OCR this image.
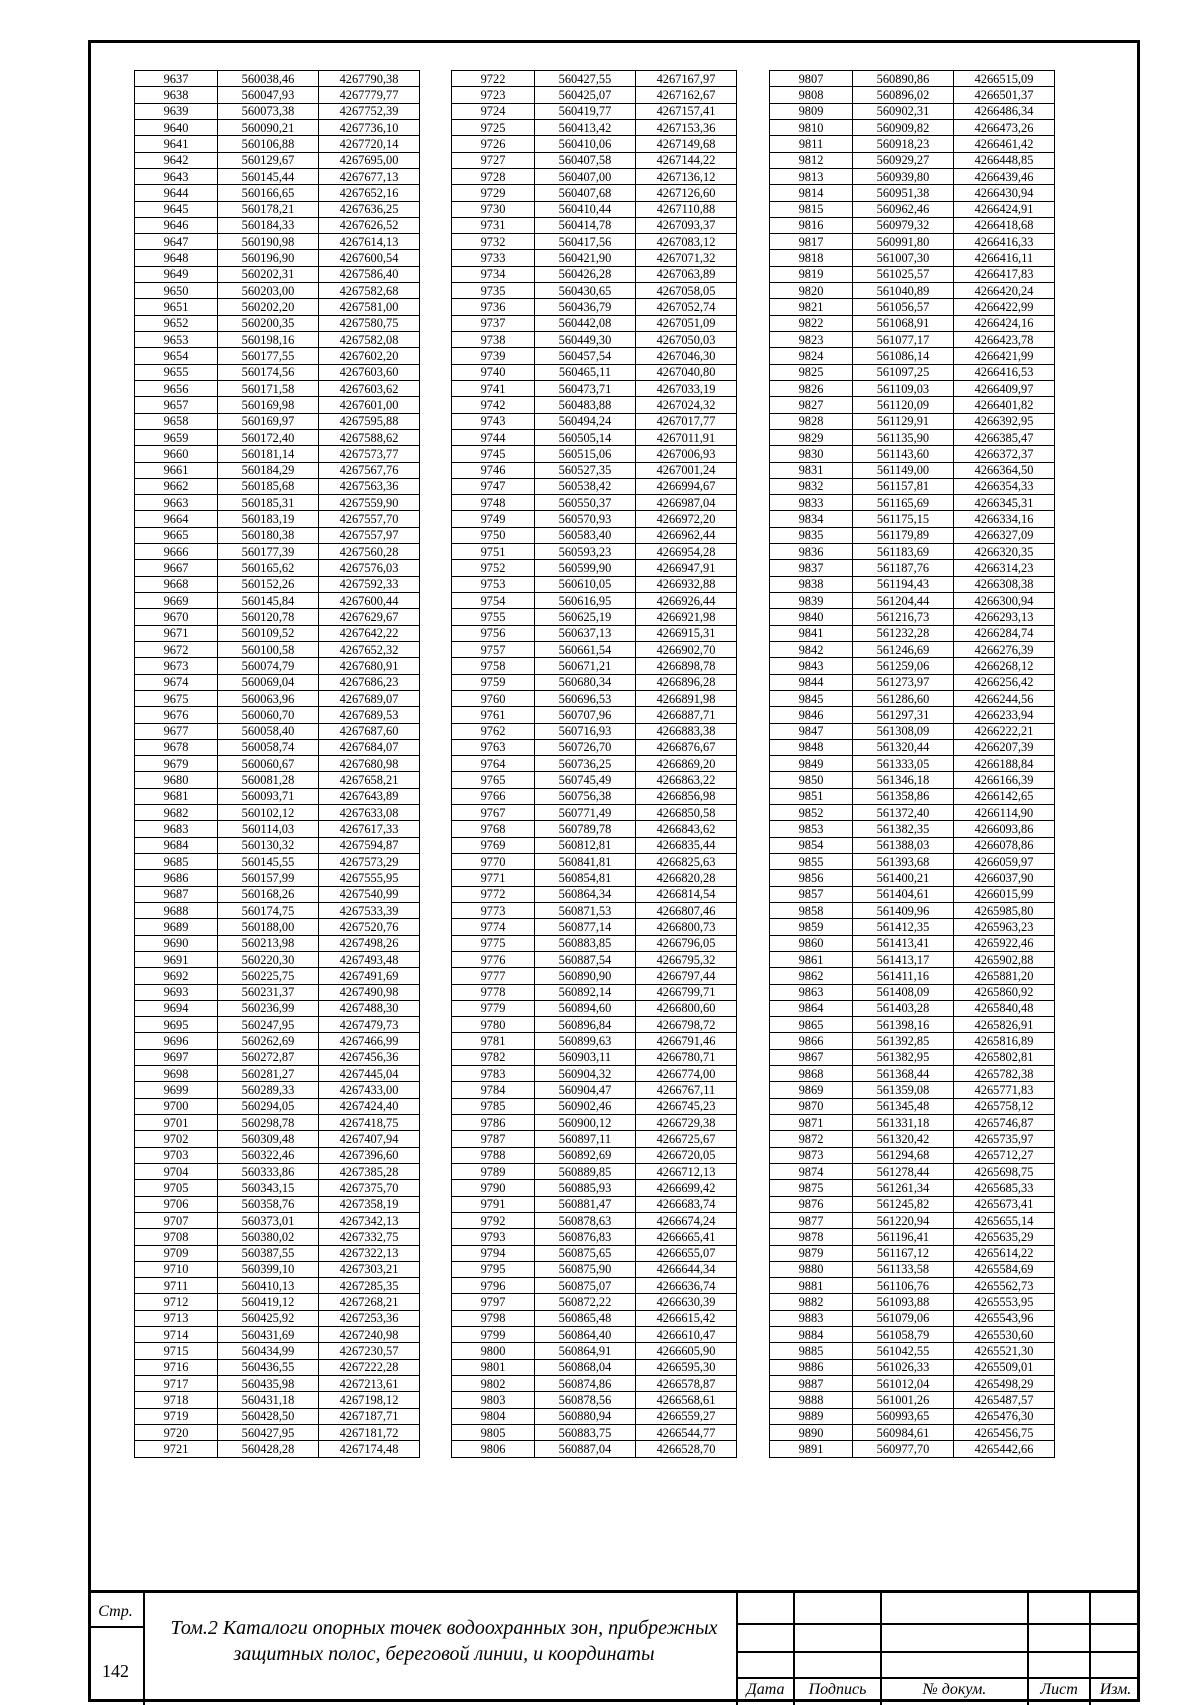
9637	560038,46	4267790,38
9638	560047,93	4267779,77
9639	560073,38	4267752,39
9640	560090,21	4267736,10
9641	560106,88	4267720,14
9642	560129,67	4267695,00
9643	560145,44	4267677,13
9644	560166,65	4267652,16
9645	560178,21	4267636,25
9646	560184,33	4267626,52
9647	560190,98	4267614,13
9648	560196,90	4267600,54
9649	560202,31	4267586,40
9650	560203,00	4267582,68
9651	560202,20	4267581,00
9652	560200,35	4267580,75
9653	560198,16	4267582,08
9654	560177,55	4267602,20
9655	560174,56	4267603,60
9656	560171,58	4267603,62
9657	560169,98	4267601,00
9658	560169,97	4267595,88
9659	560172,40	4267588,62
9660	560181,14	4267573,77
9661	560184,29	4267567,76
9662	560185,68	4267563,36
9663	560185,31	4267559,90
9664	560183,19	4267557,70
9665	560180,38	4267557,97
9666	560177,39	4267560,28
9667	560165,62	4267576,03
9668	560152,26	4267592,33
9669	560145,84	4267600,44
9670	560120,78	4267629,67
9671	560109,52	4267642,22
9672	560100,58	4267652,32
9673	560074,79	4267680,91
9674	560069,04	4267686,23
9675	560063,96	4267689,07
9676	560060,70	4267689,53
9677	560058,40	4267687,60
9678	560058,74	4267684,07
9679	560060,67	4267680,98
9680	560081,28	4267658,21
9681	560093,71	4267643,89
9682	560102,12	4267633,08
9683	560114,03	4267617,33
9684	560130,32	4267594,87
9685	560145,55	4267573,29
9686	560157,99	4267555,95
9687	560168,26	4267540,99
9688	560174,75	4267533,39
9689	560188,00	4267520,76
9690	560213,98	4267498,26
9691	560220,30	4267493,48
9692	560225,75	4267491,69
9693	560231,37	4267490,98
9694	560236,99	4267488,30
9695	560247,95	4267479,73
9696	560262,69	4267466,99
9697	560272,87	4267456,36
9698	560281,27	4267445,04
9699	560289,33	4267433,00
9700	560294,05	4267424,40
9701	560298,78	4267418,75
9702	560309,48	4267407,94
9703	560322,46	4267396,60
9704	560333,86	4267385,28
9705	560343,15	4267375,70
9706	560358,76	4267358,19
9707	560373,01	4267342,13
9708	560380,02	4267332,75
9709	560387,55	4267322,13
9710	560399,10	4267303,21
9711	560410,13	4267285,35
9712	560419,12	4267268,21
9713	560425,92	4267253,36
9714	560431,69	4267240,98
9715	560434,99	4267230,57
9716	560436,55	4267222,28
9717	560435,98	4267213,61
9718	560431,18	4267198,12
9719	560428,50	4267187,71
9720	560427,95	4267181,72
9721	560428,28	4267174,48
9722	560427,55	4267167,97
9723	560425,07	4267162,67
9724	560419,77	4267157,41
9725	560413,42	4267153,36
9726	560410,06	4267149,68
9727	560407,58	4267144,22
9728	560407,00	4267136,12
9729	560407,68	4267126,60
9730	560410,44	4267110,88
9731	560414,78	4267093,37
9732	560417,56	4267083,12
9733	560421,90	4267071,32
9734	560426,28	4267063,89
9735	560430,65	4267058,05
9736	560436,79	4267052,74
9737	560442,08	4267051,09
9738	560449,30	4267050,03
9739	560457,54	4267046,30
9740	560465,11	4267040,80
9741	560473,71	4267033,19
9742	560483,88	4267024,32
9743	560494,24	4267017,77
9744	560505,14	4267011,91
9745	560515,06	4267006,93
9746	560527,35	4267001,24
9747	560538,42	4266994,67
9748	560550,37	4266987,04
9749	560570,93	4266972,20
9750	560583,40	4266962,44
9751	560593,23	4266954,28
9752	560599,90	4266947,91
9753	560610,05	4266932,88
9754	560616,95	4266926,44
9755	560625,19	4266921,98
9756	560637,13	4266915,31
9757	560661,54	4266902,70
9758	560671,21	4266898,78
9759	560680,34	4266896,28
9760	560696,53	4266891,98
9761	560707,96	4266887,71
9762	560716,93	4266883,38
9763	560726,70	4266876,67
9764	560736,25	4266869,20
9765	560745,49	4266863,22
9766	560756,38	4266856,98
9767	560771,49	4266850,58
9768	560789,78	4266843,62
9769	560812,81	4266835,44
9770	560841,81	4266825,63
9771	560854,81	4266820,28
9772	560864,34	4266814,54
9773	560871,53	4266807,46
9774	560877,14	4266800,73
9775	560883,85	4266796,05
9776	560887,54	4266795,32
9777	560890,90	4266797,44
9778	560892,14	4266799,71
9779	560894,60	4266800,60
9780	560896,84	4266798,72
9781	560899,63	4266791,46
9782	560903,11	4266780,71
9783	560904,32	4266774,00
9784	560904,47	4266767,11
9785	560902,46	4266745,23
9786	560900,12	4266729,38
9787	560897,11	4266725,67
9788	560892,69	4266720,05
9789	560889,85	4266712,13
9790	560885,93	4266699,42
9791	560881,47	4266683,74
9792	560878,63	4266674,24
9793	560876,83	4266665,41
9794	560875,65	4266655,07
9795	560875,90	4266644,34
9796	560875,07	4266636,74
9797	560872,22	4266630,39
9798	560865,48	4266615,42
9799	560864,40	4266610,47
9800	560864,91	4266605,90
9801	560868,04	4266595,30
9802	560874,86	4266578,87
9803	560878,56	4266568,61
9804	560880,94	4266559,27
9805	560883,75	4266544,77
9806	560887,04	4266528,70
9807	560890,86	4266515,09
9808	560896,02	4266501,37
9809	560902,31	4266486,34
9810	560909,82	4266473,26
9811	560918,23	4266461,42
9812	560929,27	4266448,85
9813	560939,80	4266439,46
9814	560951,38	4266430,94
9815	560962,46	4266424,91
9816	560979,32	4266418,68
9817	560991,80	4266416,33
9818	561007,30	4266416,11
9819	561025,57	4266417,83
9820	561040,89	4266420,24
9821	561056,57	4266422,99
9822	561068,91	4266424,16
9823	561077,17	4266423,78
9824	561086,14	4266421,99
9825	561097,25	4266416,53
9826	561109,03	4266409,97
9827	561120,09	4266401,82
9828	561129,91	4266392,95
9829	561135,90	4266385,47
9830	561143,60	4266372,37
9831	561149,00	4266364,50
9832	561157,81	4266354,33
9833	561165,69	4266345,31
9834	561175,15	4266334,16
9835	561179,89	4266327,09
9836	561183,69	4266320,35
9837	561187,76	4266314,23
9838	561194,43	4266308,38
9839	561204,44	4266300,94
9840	561216,73	4266293,13
9841	561232,28	4266284,74
9842	561246,69	4266276,39
9843	561259,06	4266268,12
9844	561273,97	4266256,42
9845	561286,60	4266244,56
9846	561297,31	4266233,94
9847	561308,09	4266222,21
9848	561320,44	4266207,39
9849	561333,05	4266188,84
9850	561346,18	4266166,39
9851	561358,86	4266142,65
9852	561372,40	4266114,90
9853	561382,35	4266093,86
9854	561388,03	4266078,86
9855	561393,68	4266059,97
9856	561400,21	4266037,90
9857	561404,61	4266015,99
9858	561409,96	4265985,80
9859	561412,35	4265963,23
9860	561413,41	4265922,46
9861	561413,17	4265902,88
9862	561411,16	4265881,20
9863	561408,09	4265860,92
9864	561403,28	4265840,48
9865	561398,16	4265826,91
9866	561392,85	4265816,89
9867	561382,95	4265802,81
9868	561368,44	4265782,38
9869	561359,08	4265771,83
9870	561345,48	4265758,12
9871	561331,18	4265746,87
9872	561320,42	4265735,97
9873	561294,68	4265712,27
9874	561278,44	4265698,75
9875	561261,34	4265685,33
9876	561245,82	4265673,41
9877	561220,94	4265655,14
9878	561196,41	4265635,29
9879	561167,12	4265614,22
9880	561133,58	4265584,69
9881	561106,76	4265562,73
9882	561093,88	4265553,95
9883	561079,06	4265543,96
9884	561058,79	4265530,60
9885	561042,55	4265521,30
9886	561026,33	4265509,01
9887	561012,04	4265498,29
9888	561001,26	4265487,57
9889	560993,65	4265476,30
9890	560984,61	4265456,75
9891	560977,70	4265442,66
Стр.
142
Том.2 Каталоги опорных точек водоохранных зон, прибрежных
защитных полос, береговой линии, и координаты
Дата	Подпись	№ докум.	Лист	Изм.
